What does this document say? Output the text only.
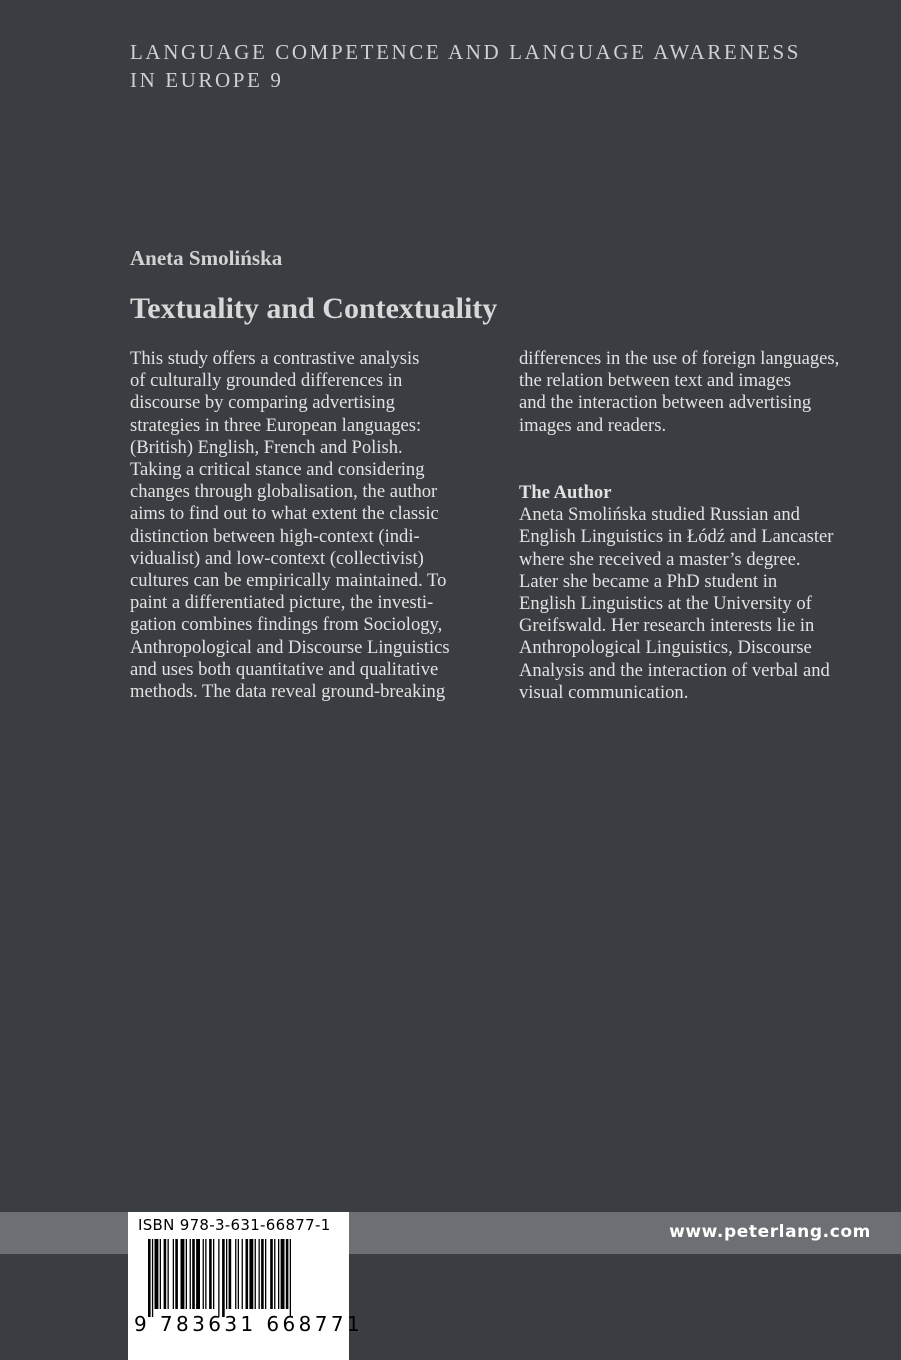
LANGUAGE COMPETENCE AND LANGUAGE AWARENESS
IN EUROPE 9
Aneta Smolińska
Textuality and Contextuality
This study offers a contrastive analysis
of culturally grounded differences in
discourse by comparing advertising
strategies in three European languages:
(British) English, French and Polish.
Taking a critical stance and considering
changes through globalisation, the author
aims to find out to what extent the classic
distinction between high-context (indi-
vidualist) and low-context (collectivist)
cultures can be empirically maintained. To
paint a differentiated picture, the investi-
gation combines findings from Sociology,
Anthropological and Discourse Linguistics
and uses both quantitative and qualitative
methods. The data reveal ground-breaking
differences in the use of foreign languages,
the relation between text and images
and the interaction between advertising
images and readers.
The Author
Aneta Smolińska studied Russian and
English Linguistics in Łódź and Lancaster
where she received a master’s degree.
Later she became a PhD student in
English Linguistics at the University of
Greifswald. Her research interests lie in
Anthropological Linguistics, Discourse
Analysis and the interaction of verbal and
visual communication.
www.peterlang.com
ISBN 978-3-631-66877-1
9 783631 668771
